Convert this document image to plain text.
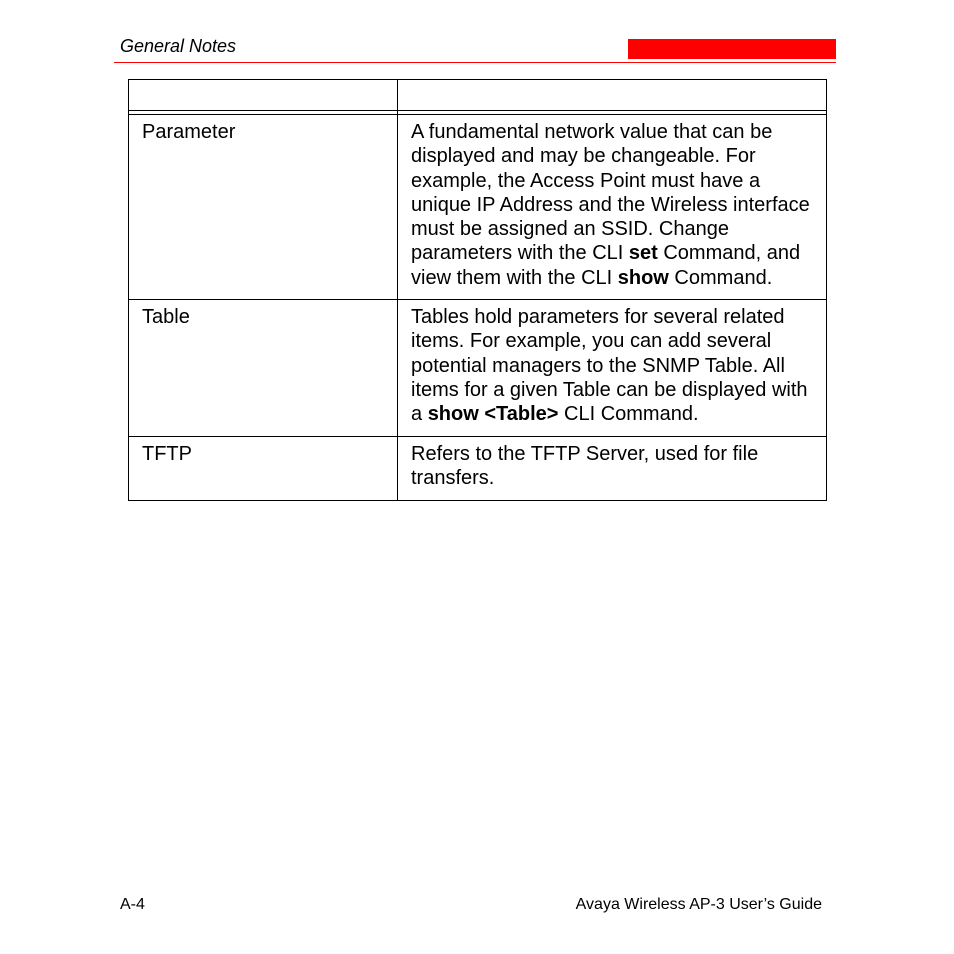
General Notes

Parameter	A fundamental network value that can be displayed and may be changeable. For example, the Access Point must have a unique IP Address and the Wireless interface must be assigned an SSID. Change parameters with the CLI set Command, and view them with the CLI show Command.
Table	Tables hold parameters for several related items. For example, you can add several potential managers to the SNMP Table. All items for a given Table can be displayed with a show <Table> CLI Command.
TFTP	Refers to the TFTP Server, used for file transfers.
A-4	Avaya Wireless AP-3 User’s Guide
